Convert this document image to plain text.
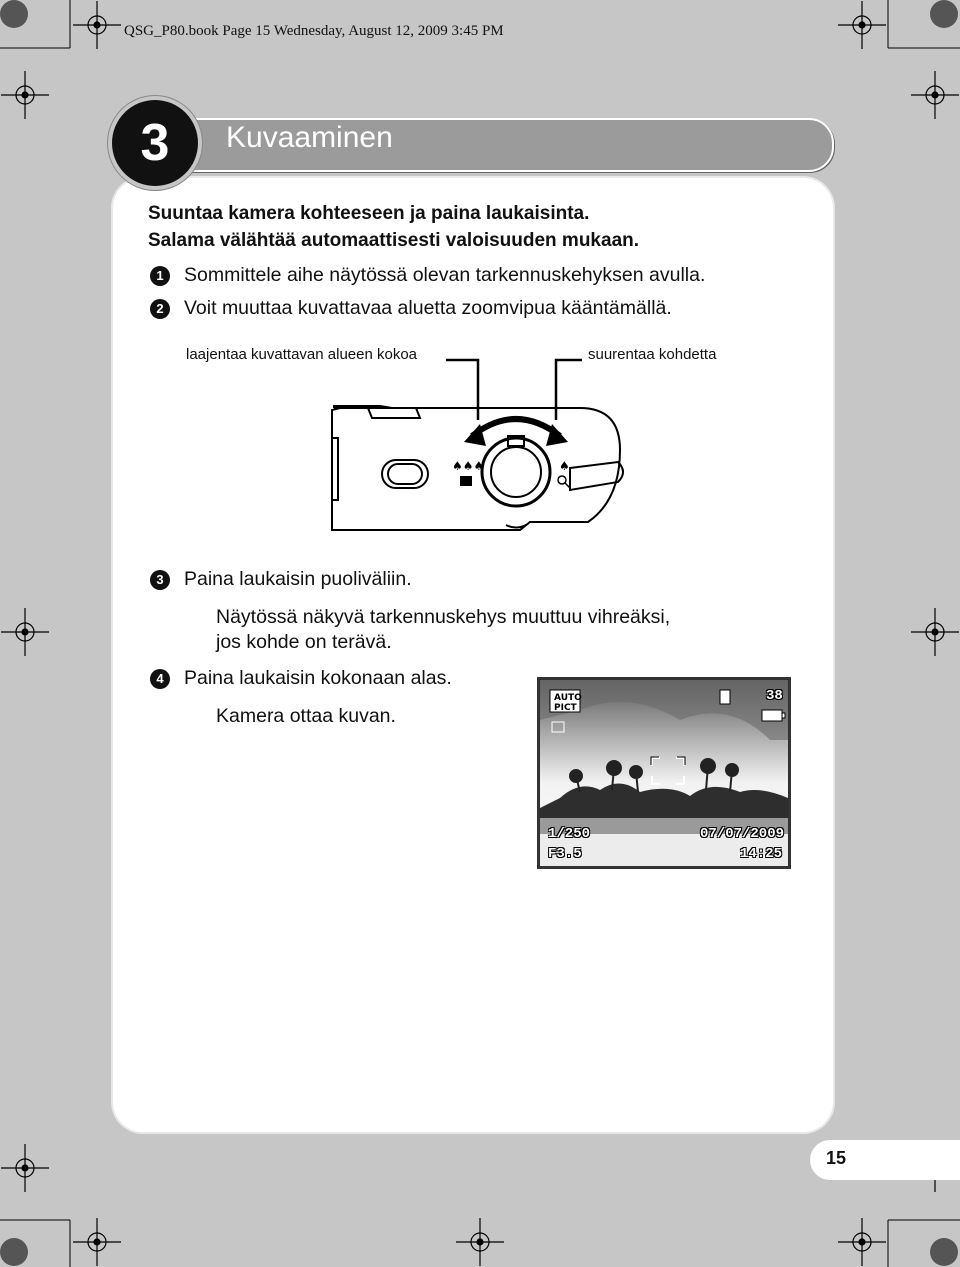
QSG_P80.book Page 15 Wednesday, August 12, 2009 3:45 PM
3	Kuvaaminen
Suuntaa kamera kohteeseen ja paina laukaisinta.
Salama välähtää automaattisesti valoisuuden mukaan.
1	Sommittele aihe näytössä olevan tarkennuskehyksen avulla.
2	Voit muuttaa kuvattavaa aluetta zoomvipua kääntämällä.
laajentaa kuvattavan alueen kokoa	suurentaa kohdetta
♠♠♠	♠
3	Paina laukaisin puoliväliin.
Näytössä näkyvä tarkennuskehys muuttuu vihreäksi,
jos kohde on terävä.
4	Paina laukaisin kokonaan alas.
Kamera ottaa kuvan.
AUTO
PICT
38
1/250
F3.5
07/07/2009
14:25
15
